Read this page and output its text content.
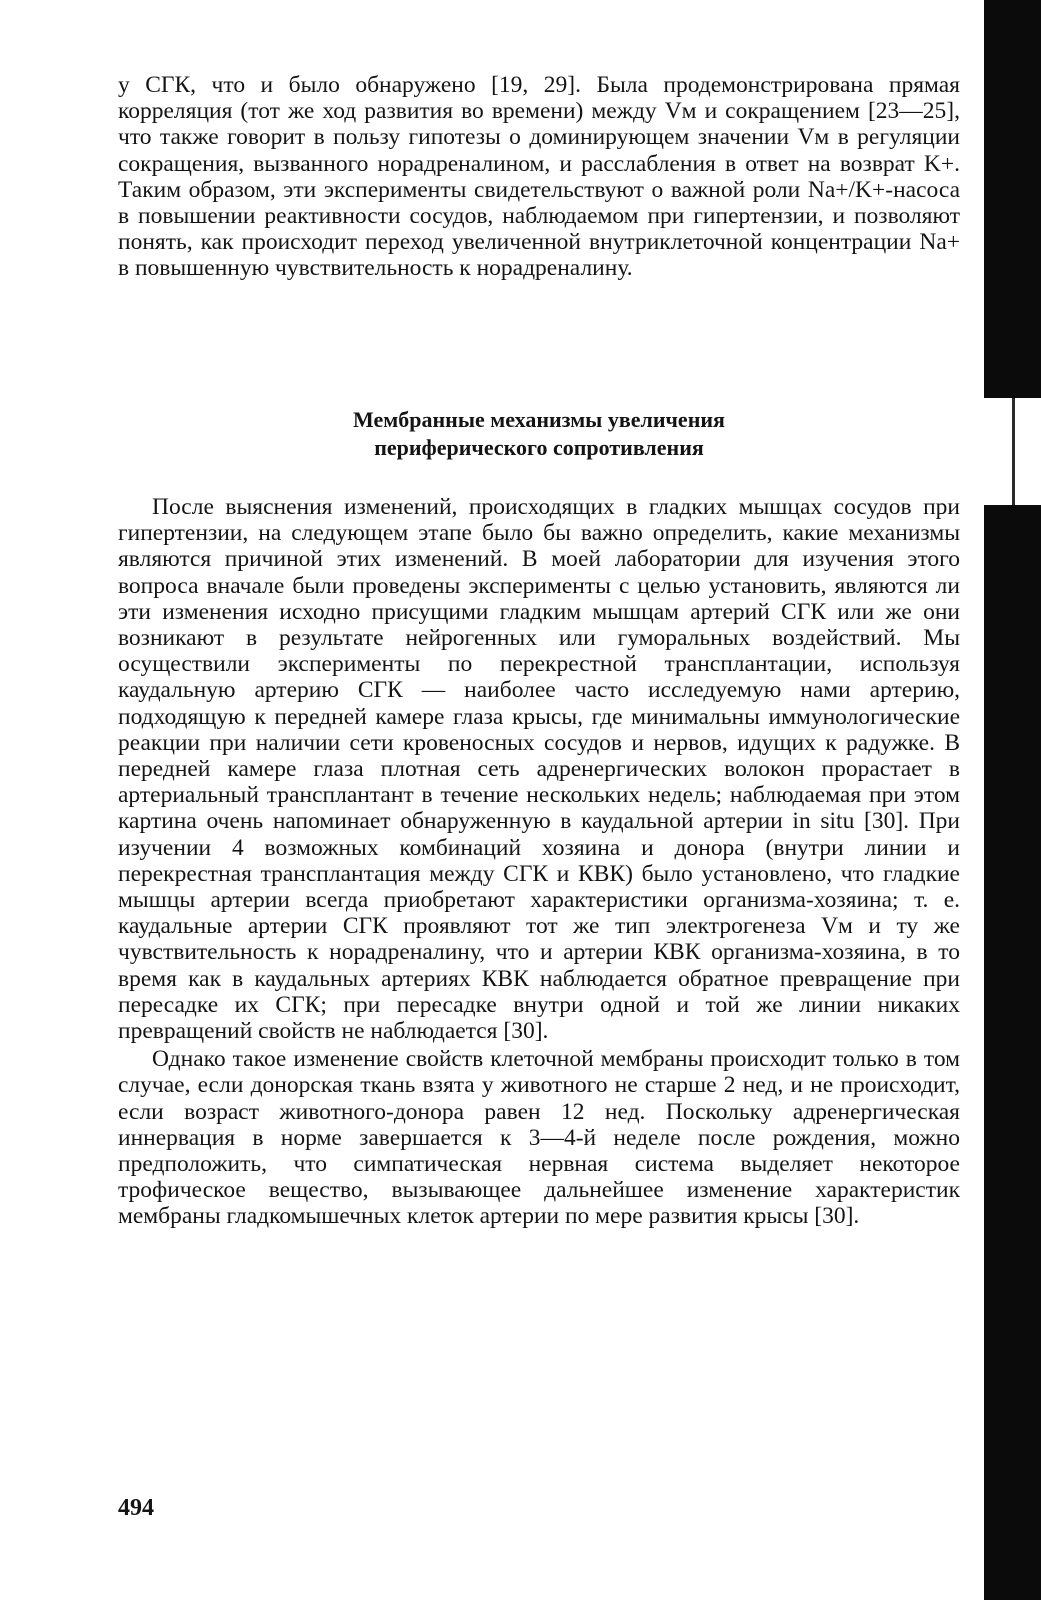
у СГК, что и было обнаружено [19, 29]. Была продемонстрирована прямая корреляция (тот же ход развития во времени) между Vм и сокращением [23—25], что также говорит в пользу гипотезы о доминирующем значении Vм в регуляции сокращения, вызванного норадреналином, и расслабления в ответ на возврат K+. Таким образом, эти эксперименты свидетельствуют о важной роли Na+/K+-насоса в повышении реактивности сосудов, наблюдаемом при гипертензии, и позволяют понять, как происходит переход увеличенной внутриклеточной концентрации Na+ в повышенную чувствительность к норадреналину.

Мембранные механизмы увеличения
периферического сопротивления

После выяснения изменений, происходящих в гладких мышцах сосудов при гипертензии, на следующем этапе было бы важно определить, какие механизмы являются причиной этих изменений. В моей лаборатории для изучения этого вопроса вначале были проведены эксперименты с целью установить, являются ли эти изменения исходно присущими гладким мышцам артерий СГК или же они возникают в результате нейрогенных или гуморальных воздействий. Мы осуществили эксперименты по перекрестной трансплантации, используя каудальную артерию СГК — наиболее часто исследуемую нами артерию, подходящую к передней камере глаза крысы, где минимальны иммунологические реакции при наличии сети кровеносных сосудов и нервов, идущих к радужке. В передней камере глаза плотная сеть адренергических волокон прорастает в артериальный трансплантант в течение нескольких недель; наблюдаемая при этом картина очень напоминает обнаруженную в каудальной артерии in situ [30]. При изучении 4 возможных комбинаций хозяина и донора (внутри линии и перекрестная трансплантация между СГК и КВК) было установлено, что гладкие мышцы артерии всегда приобретают характеристики организма-хозяина; т. е. каудальные артерии СГК проявляют тот же тип электрогенеза Vм и ту же чувствительность к норадреналину, что и артерии КВК организма-хозяина, в то время как в каудальных артериях КВК наблюдается обратное превращение при пересадке их СГК; при пересадке внутри одной и той же линии никаких превращений свойств не наблюдается [30].

Однако такое изменение свойств клеточной мембраны происходит только в том случае, если донорская ткань взята у животного не старше 2 нед, и не происходит, если возраст животного-донора равен 12 нед. Поскольку адренергическая иннервация в норме завершается к 3—4-й неделе после рождения, можно предположить, что симпатическая нервная система выделяет некоторое трофическое вещество, вызывающее дальнейшее изменение характеристик мембраны гладкомышечных клеток артерии по мере развития крысы [30].

494
